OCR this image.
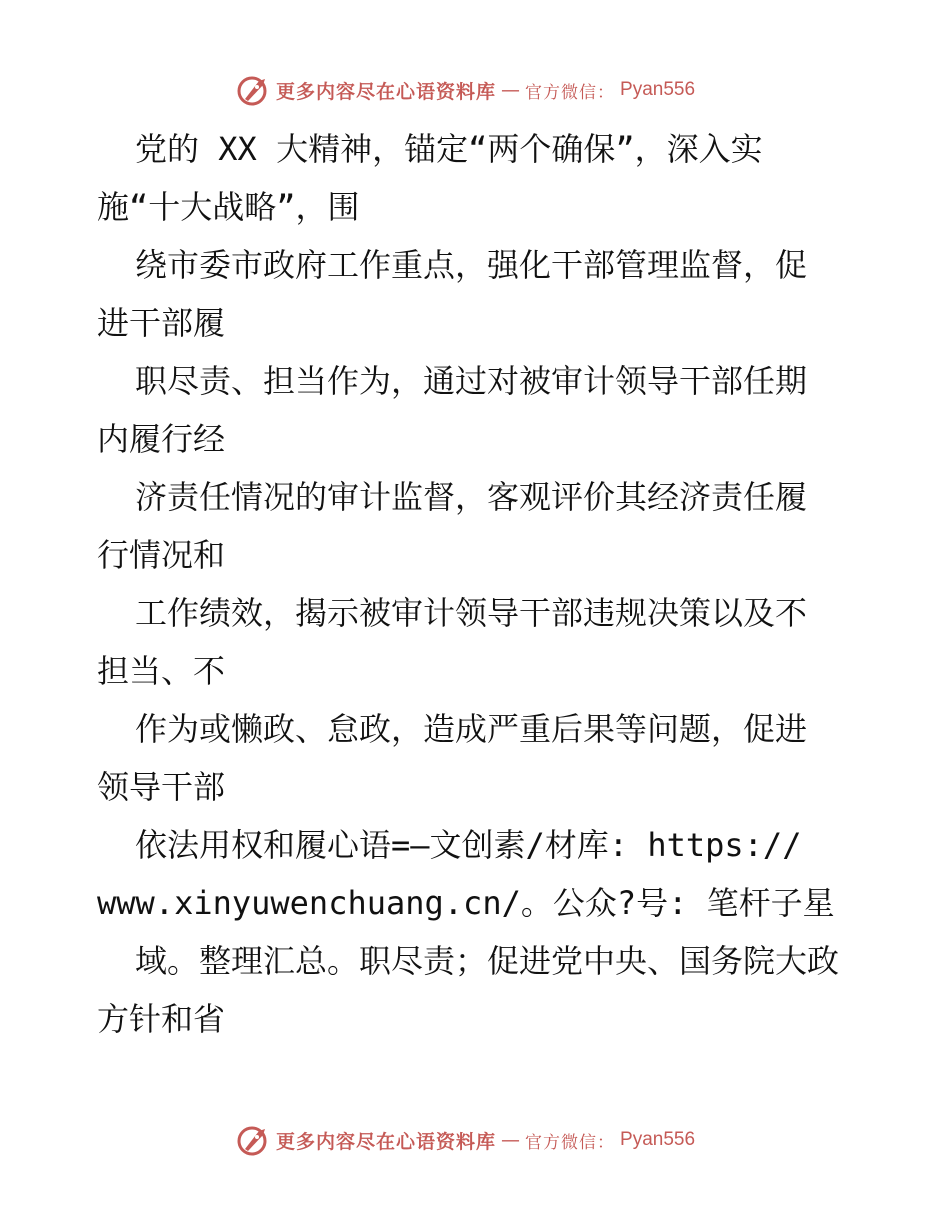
更多内容尽在心语资料库 — 官方微信： Pyan556
党的 XX 大精神，锚定“两个确保”，深入实
施“十大战略”，围
绕市委市政府工作重点，强化干部管理监督，促
进干部履
职尽责、担当作为，通过对被审计领导干部任期
内履行经
济责任情况的审计监督，客观评价其经济责任履
行情况和
工作绩效，揭示被审计领导干部违规决策以及不
担当、不
作为或懒政、怠政，造成严重后果等问题，促进
领导干部
依法用权和履心语=—文创素/材库: https://
www.xinyuwenchuang.cn/。公众?号: 笔杆子星
域。整理汇总。职尽责；促进党中央、国务院大政
方针和省
更多内容尽在心语资料库 — 官方微信： Pyan556
